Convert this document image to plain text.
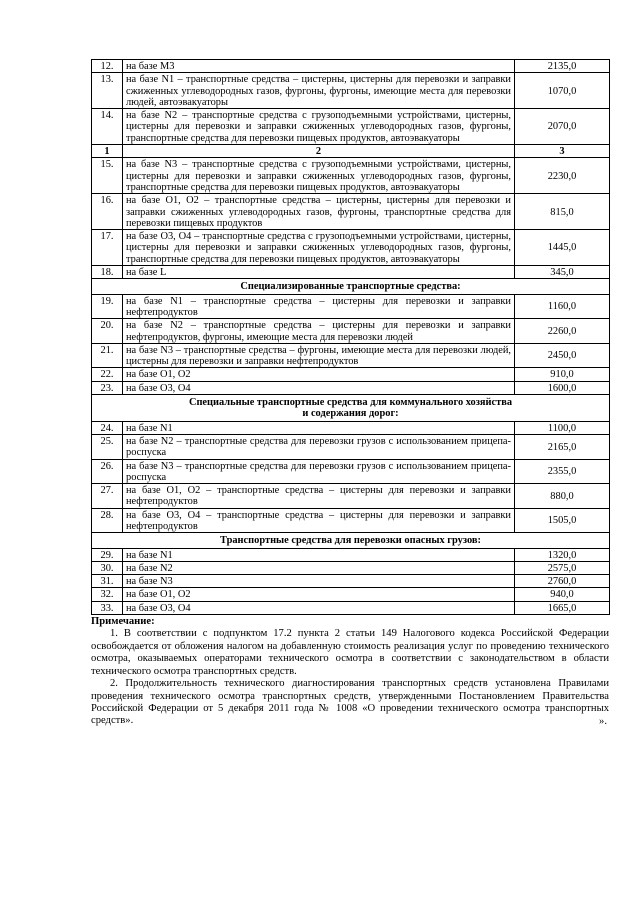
12.	на базе М3	2135,0
13.	на базе N1 – транспортные средства – цистерны, цистерны для перевозки и заправки сжиженных углеводородных газов, фургоны, фургоны, имеющие места для перевозки людей, автоэвакуаторы	1070,0
14.	на базе N2 – транспортные средства с грузоподъемными устройствами, цистерны, цистерны для перевозки и заправки сжиженных углеводородных газов, фургоны, транспортные средства для перевозки пищевых продуктов, автоэвакуаторы	2070,0
1	2	3
15.	на базе N3 – транспортные средства с грузоподъемными устройствами, цистерны, цистерны для перевозки и заправки сжиженных углеводородных газов, фургоны, транспортные средства для перевозки пищевых продуктов, автоэвакуаторы	2230,0
16.	на базе О1, О2 – транспортные средства – цистерны, цистерны для перевозки и заправки сжиженных углеводородных газов, фургоны, транспортные средства для перевозки пищевых продуктов	815,0
17.	на базе О3, О4 – транспортные средства с грузоподъемными устройствами, цистерны, цистерны для перевозки и заправки сжиженных углеводородных газов, фургоны, транспортные средства для перевозки пищевых продуктов, автоэвакуаторы	1445,0
18.	на базе L	345,0

Специализированные транспортные средства:		

19.	на базе N1 – транспортные средства – цистерны для перевозки и заправки нефтепродуктов	1160,0
20.	на базе N2 – транспортные средства – цистерны для перевозки и заправки нефтепродуктов, фургоны, имеющие места для перевозки людей	2260,0
21.	на базе N3 – транспортные средства – фургоны, имеющие места для перевозки людей, цистерны для перевозки и заправки нефтепродуктов	2450,0
22.	на базе О1, О2	910,0
23.	на базе О3, О4	1600,0

Специальные транспортные средства для коммунального хозяйства
и содержания дорог:		

24.	на базе N1	1100,0
25.	на базе N2 – транспортные средства для перевозки грузов с использованием прицепа-роспуска	2165,0
26.	на базе N3 – транспортные средства для перевозки грузов с использованием прицепа-роспуска	2355,0
27.	на базе О1, О2 – транспортные средства – цистерны для перевозки и заправки нефтепродуктов	880,0
28.	на базе О3, О4 – транспортные средства – цистерны для перевозки и заправки нефтепродуктов	1505,0

Транспортные средства для перевозки опасных грузов:		

29.	на базе N1	1320,0
30.	на базе N2	2575,0
31.	на базе N3	2760,0
32.	на базе О1, О2	940,0
33.	на базе О3, О4	1665,0
Примечание:

1. В соответствии с подпунктом 17.2 пункта 2 статьи 149 Налогового кодекса Российской Федерации освобождается от обложения налогом на добавленную стоимость реализация услуг по проведению технического осмотра, оказываемых операторами технического осмотра в соответствии с законодательством в области технического осмотра транспортных средств.

2. Продолжительность технического диагностирования транспортных средств установлена Правилами проведения технического осмотра транспортных средств, утвержденными Постановлением Правительства Российской Федерации от 5 декабря 2011 года № 1008 «О проведении технического осмотра транспортных средств».	».
